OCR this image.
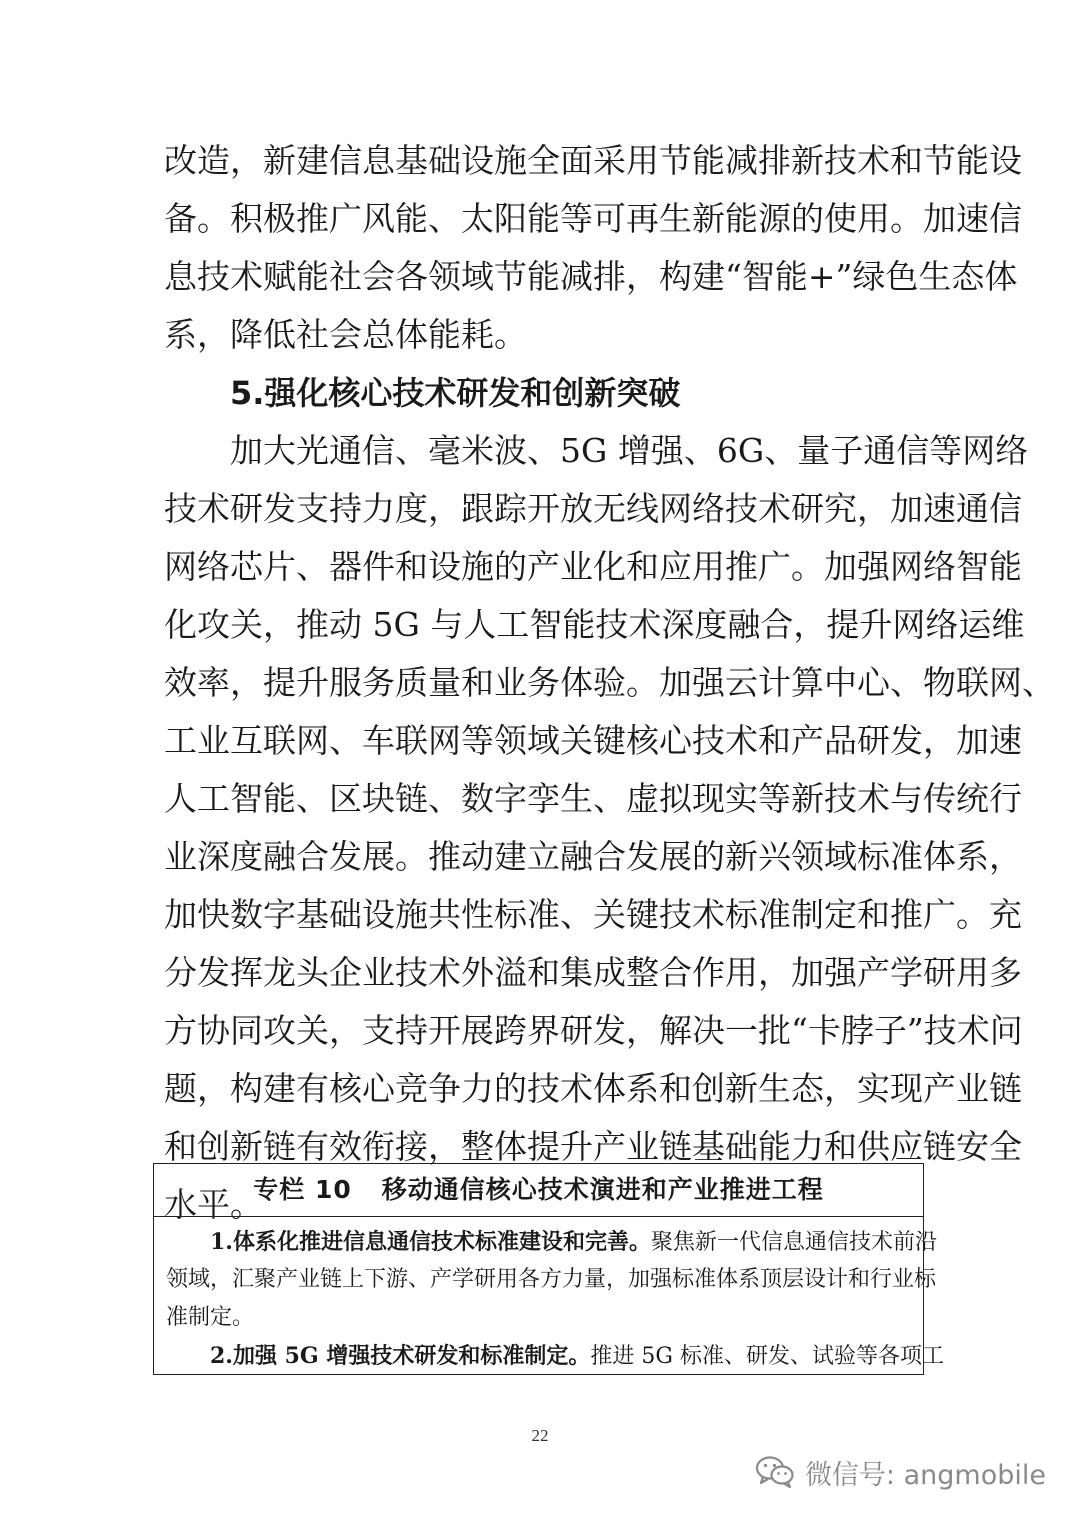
改造，新建信息基础设施全面采用节能减排新技术和节能设
备。积极推广风能、太阳能等可再生新能源的使用。加速信
息技术赋能社会各领域节能减排，构建“智能+”绿色生态体
系，降低社会总体能耗。
5.强化核心技术研发和创新突破
加大光通信、毫米波、5G 增强、6G、量子通信等网络
技术研发支持力度，跟踪开放无线网络技术研究，加速通信
网络芯片、器件和设施的产业化和应用推广。加强网络智能
化攻关，推动 5G 与人工智能技术深度融合，提升网络运维
效率，提升服务质量和业务体验。加强云计算中心、物联网、
工业互联网、车联网等领域关键核心技术和产品研发，加速
人工智能、区块链、数字孪生、虚拟现实等新技术与传统行
业深度融合发展。推动建立融合发展的新兴领域标准体系，
加快数字基础设施共性标准、关键技术标准制定和推广。充
分发挥龙头企业技术外溢和集成整合作用，加强产学研用多
方协同攻关，支持开展跨界研发，解决一批“卡脖子”技术问
题，构建有核心竞争力的技术体系和创新生态，实现产业链
和创新链有效衔接，整体提升产业链基础能力和供应链安全
水平。
专栏 10 移动通信核心技术演进和产业推进工程
1.体系化推进信息通信技术标准建设和完善。聚焦新一代信息通信技术前沿
领域，汇聚产业链上下游、产学研用各方力量，加强标准体系顶层设计和行业标
准制定。
2.加强 5G 增强技术研发和标准制定。推进 5G 标准、研发、试验等各项工
22
微信号: angmobile
